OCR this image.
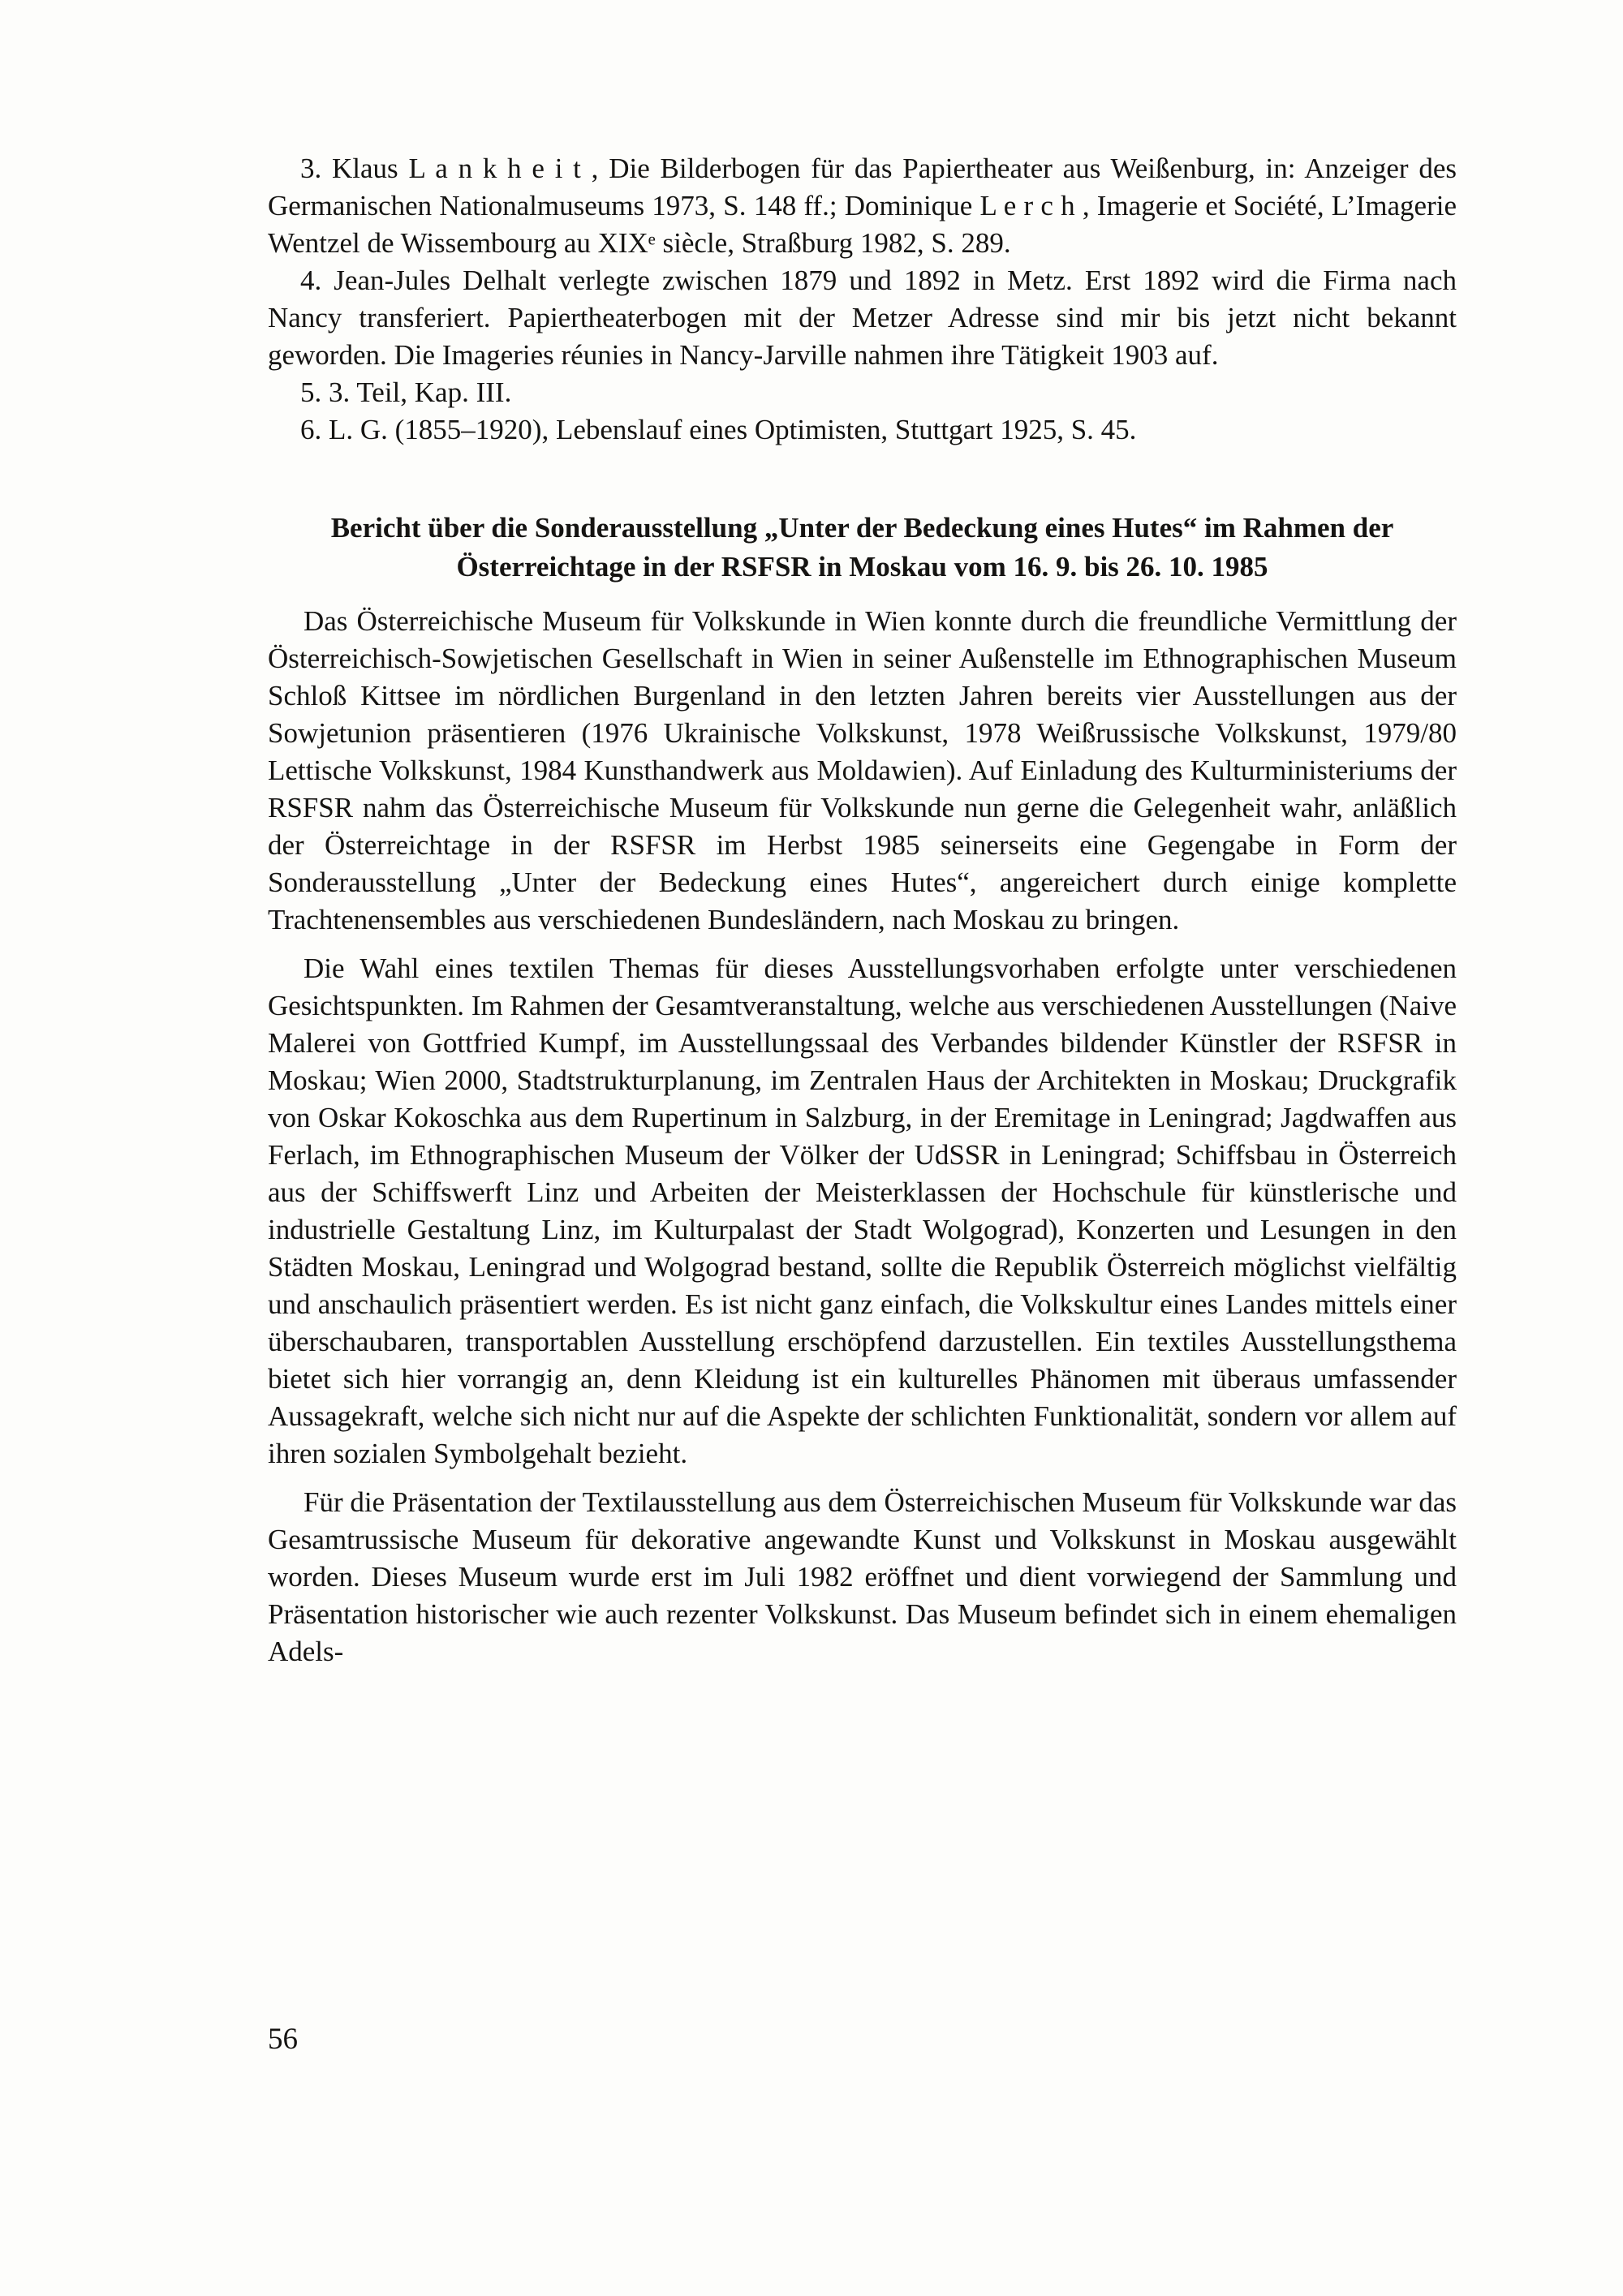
3. Klaus L a n k h e i t , Die Bilderbogen für das Papiertheater aus Weißenburg, in: Anzeiger des Germanischen Nationalmuseums 1973, S. 148 ff.; Dominique L e r c h , Imagerie et Société, L’Imagerie Wentzel de Wissembourg au XIXᵉ siècle, Straßburg 1982, S. 289.

4. Jean-Jules Delhalt verlegte zwischen 1879 und 1892 in Metz. Erst 1892 wird die Firma nach Nancy transferiert. Papiertheaterbogen mit der Metzer Adresse sind mir bis jetzt nicht bekannt geworden. Die Imageries réunies in Nancy-Jarville nahmen ihre Tätigkeit 1903 auf.

5. 3. Teil, Kap. III.

6. L. G. (1855–1920), Lebenslauf eines Optimisten, Stuttgart 1925, S. 45.

Bericht über die Sonderausstellung „Unter der Bedeckung eines Hutes“ im Rahmen der Österreichtage in der RSFSR in Moskau vom 16. 9. bis 26. 10. 1985

Das Österreichische Museum für Volkskunde in Wien konnte durch die freundliche Vermittlung der Österreichisch-Sowjetischen Gesellschaft in Wien in seiner Außenstelle im Ethnographischen Museum Schloß Kittsee im nördlichen Burgenland in den letzten Jahren bereits vier Ausstellungen aus der Sowjetunion präsentieren (1976 Ukrainische Volkskunst, 1978 Weißrussische Volkskunst, 1979/80 Lettische Volkskunst, 1984 Kunsthandwerk aus Moldawien). Auf Einladung des Kulturministeriums der RSFSR nahm das Österreichische Museum für Volkskunde nun gerne die Gelegenheit wahr, anläßlich der Österreichtage in der RSFSR im Herbst 1985 seinerseits eine Gegengabe in Form der Sonderausstellung „Unter der Bedeckung eines Hutes“, angereichert durch einige komplette Trachtenensembles aus verschiedenen Bundesländern, nach Moskau zu bringen.

Die Wahl eines textilen Themas für dieses Ausstellungsvorhaben erfolgte unter verschiedenen Gesichtspunkten. Im Rahmen der Gesamtveranstaltung, welche aus verschiedenen Ausstellungen (Naive Malerei von Gottfried Kumpf, im Ausstellungssaal des Verbandes bildender Künstler der RSFSR in Moskau; Wien 2000, Stadtstrukturplanung, im Zentralen Haus der Architekten in Moskau; Druckgrafik von Oskar Kokoschka aus dem Rupertinum in Salzburg, in der Eremitage in Leningrad; Jagdwaffen aus Ferlach, im Ethnographischen Museum der Völker der UdSSR in Leningrad; Schiffsbau in Österreich aus der Schiffswerft Linz und Arbeiten der Meisterklassen der Hochschule für künstlerische und industrielle Gestaltung Linz, im Kulturpalast der Stadt Wolgograd), Konzerten und Lesungen in den Städten Moskau, Leningrad und Wolgograd bestand, sollte die Republik Österreich möglichst vielfältig und anschaulich präsentiert werden. Es ist nicht ganz einfach, die Volkskultur eines Landes mittels einer überschaubaren, transportablen Ausstellung erschöpfend darzustellen. Ein textiles Ausstellungsthema bietet sich hier vorrangig an, denn Kleidung ist ein kulturelles Phänomen mit überaus umfassender Aussagekraft, welche sich nicht nur auf die Aspekte der schlichten Funktionalität, sondern vor allem auf ihren sozialen Symbolgehalt bezieht.

Für die Präsentation der Textilausstellung aus dem Österreichischen Museum für Volkskunde war das Gesamtrussische Museum für dekorative angewandte Kunst und Volkskunst in Moskau ausgewählt worden. Dieses Museum wurde erst im Juli 1982 eröffnet und dient vorwiegend der Sammlung und Präsentation historischer wie auch rezenter Volkskunst. Das Museum befindet sich in einem ehemaligen Adels-

56
